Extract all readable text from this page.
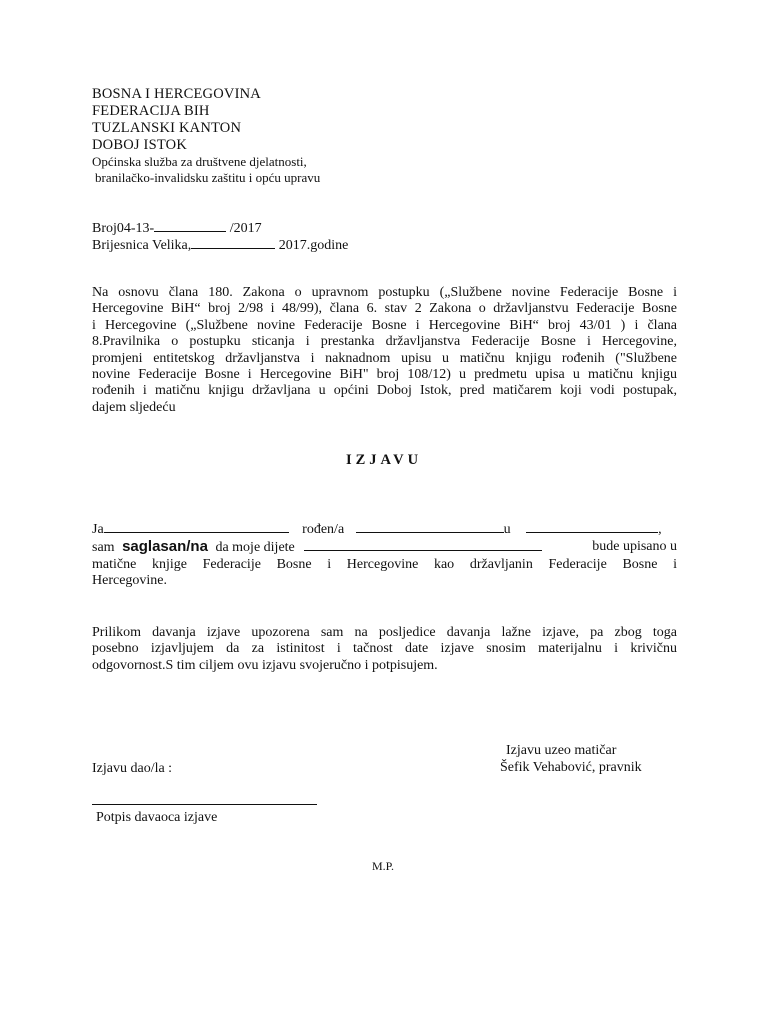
BOSNA I HERCEGOVINA
FEDERACIJA BIH
TUZLANSKI KANTON
DOBOJ ISTOK
Općinska služba za društvene djelatnosti,
branilačko-invalidsku zaštitu i opću upravu
Broj04-13-	/2017
Brijesnica Velika,	2017.godine
Na osnovu člana 180. Zakona o upravnom postupku („Službene novine Federacije Bosne i
Hercegovine BiH“ broj 2/98 i 48/99), člana 6. stav 2 Zakona o državljanstvu Federacije Bosne
i Hercegovine („Službene novine Federacije Bosne i Hercegovine BiH“ broj 43/01 ) i člana
8.Pravilnika o postupku sticanja i prestanka državljanstva Federacije Bosne i Hercegovine,
promjeni entitetskog državljanstva i naknadnom upisu u matičnu knjigu rođenih ("Službene
novine Federacije Bosne i Hercegovine BiH" broj 108/12) u predmetu upisa u matičnu knjigu
rođenih i matičnu knjigu državljana u općini Doboj Istok, pred matičarem koji vodi postupak,
dajem sljedeću
IZJAVU
Ja	rođen/a	u	,
sam saglasan/na da moje dijete	bude upisano u
matične knjige Federacije Bosne i Hercegovine kao državljanin Federacije Bosne i
Hercegovine.
Prilikom davanja izjave upozorena sam na posljedice davanja lažne izjave, pa zbog toga
posebno izjavljujem da za istinitost i tačnost date izjave snosim materijalnu i krivičnu
odgovornost.S tim ciljem ovu izjavu svojeručno i potpisujem.
Izjavu uzeo matičar
Šefik Vehabović, pravnik
Izjavu dao/la :
Potpis davaoca izjave
M.P.
